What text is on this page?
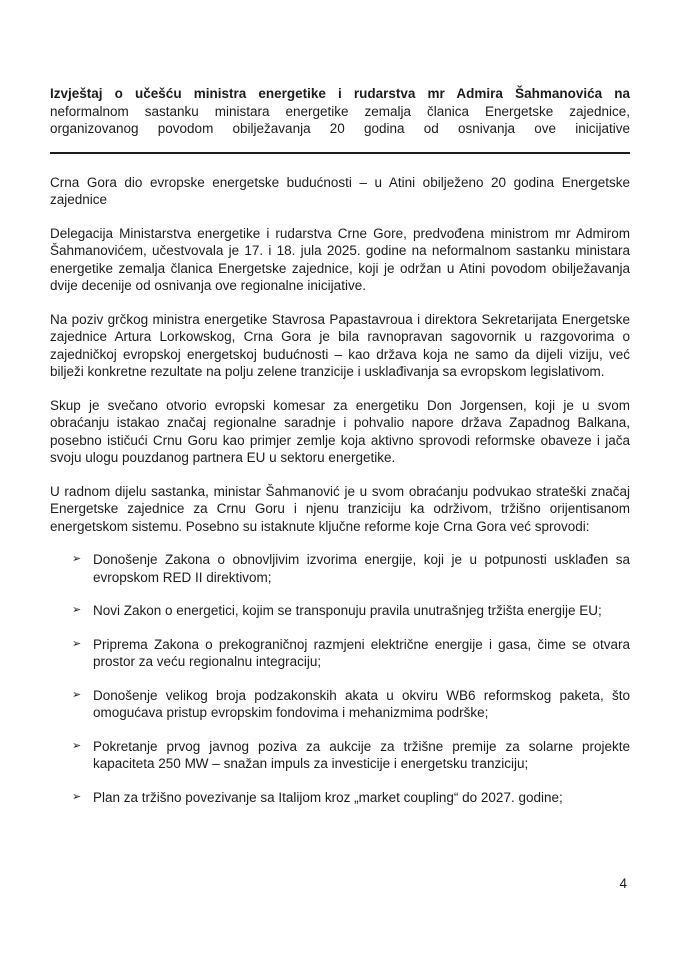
Izvještaj o učešću ministra energetike i rudarstva mr Admira Šahmanovića na
neformalnom sastanku ministara energetike zemalja članica Energetske zajednice,
organizovanog povodom obilježavanja 20 godina od osnivanja ove inicijative
Crna Gora dio evropske energetske budućnosti – u Atini obilježeno 20 godina Energetske zajednice

Delegacija Ministarstva energetike i rudarstva Crne Gore, predvođena ministrom mr Admirom Šahmanovićem, učestvovala je 17. i 18. jula 2025. godine na neformalnom sastanku ministara energetike zemalja članica Energetske zajednice, koji je održan u Atini povodom obilježavanja dvije decenije od osnivanja ove regionalne inicijative.

Na poziv grčkog ministra energetike Stavrosa Papastavroua i direktora Sekretarijata Energetske zajednice Artura Lorkowskog, Crna Gora je bila ravnopravan sagovornik u razgovorima o zajedničkoj evropskoj energetskoj budućnosti – kao država koja ne samo da dijeli viziju, već bilježi konkretne rezultate na polju zelene tranzicije i usklađivanja sa evropskom legislativom.

Skup je svečano otvorio evropski komesar za energetiku Don Jorgensen, koji je u svom obraćanju istakao značaj regionalne saradnje i pohvalio napore država Zapadnog Balkana, posebno ističući Crnu Goru kao primjer zemlje koja aktivno sprovodi reformske obaveze i jača svoju ulogu pouzdanog partnera EU u sektoru energetike.

U radnom dijelu sastanka, ministar Šahmanović je u svom obraćanju podvukao strateški značaj Energetske zajednice za Crnu Goru i njenu tranziciju ka održivom, tržišno orijentisanom energetskom sistemu. Posebno su istaknute ključne reforme koje Crna Gora već sprovodi:

➢ Donošenje Zakona o obnovljivim izvorima energije, koji je u potpunosti usklađen sa evropskom RED II direktivom;
➢ Novi Zakon o energetici, kojim se transponuju pravila unutrašnjeg tržišta energije EU;
➢ Priprema Zakona o prekograničnoj razmjeni električne energije i gasa, čime se otvara prostor za veću regionalnu integraciju;
➢ Donošenje velikog broja podzakonskih akata u okviru WB6 reformskog paketa, što omogućava pristup evropskim fondovima i mehanizmima podrške;
➢ Pokretanje prvog javnog poziva za aukcije za tržišne premije za solarne projekte kapaciteta 250 MW – snažan impuls za investicije i energetsku tranziciju;
➢ Plan za tržišno povezivanje sa Italijom kroz „market coupling“ do 2027. godine;
4
